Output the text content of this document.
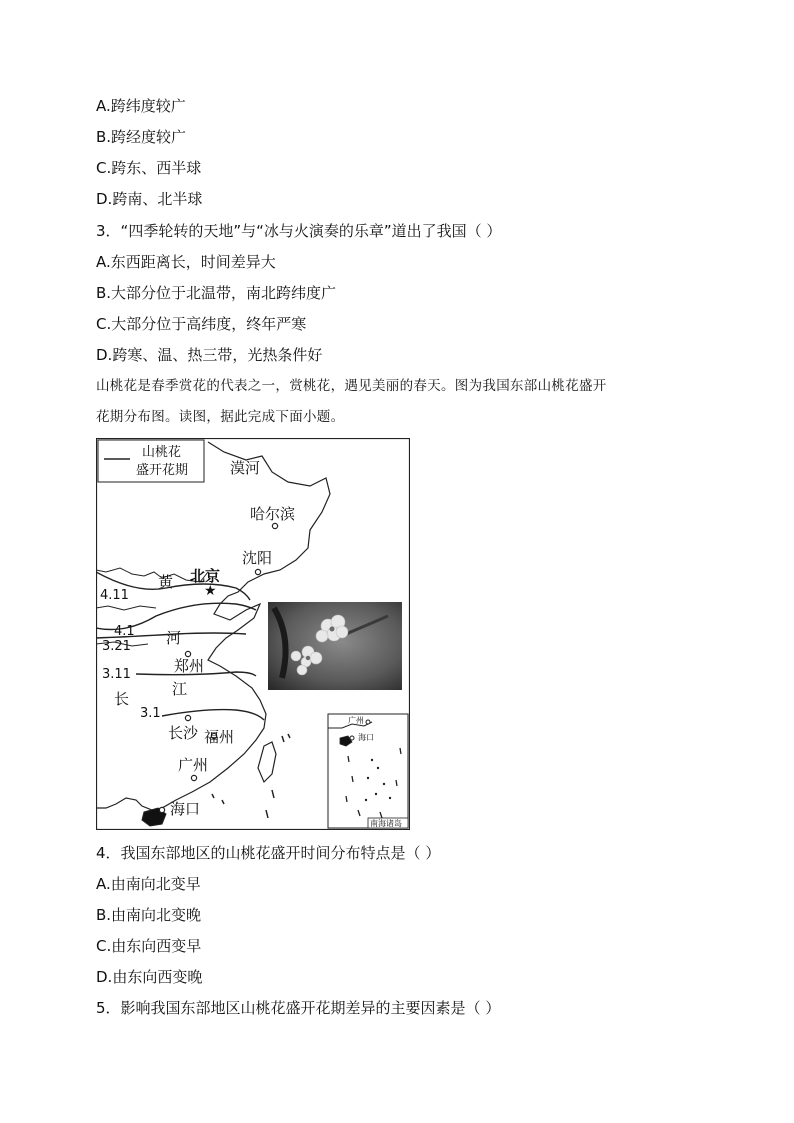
A.跨纬度较广
B.跨经度较广
C.跨东、西半球
D.跨南、北半球
3．“四季轮转的天地”与“冰与火演奏的乐章”道出了我国（ ）
A.东西距离长，时间差异大
B.大部分位于北温带，南北跨纬度广
C.大部分位于高纬度，终年严寒
D.跨寒、温、热三带，光热条件好
山桃花是春季赏花的代表之一，赏桃花，遇见美丽的春天。图为我国东部山桃花盛开
花期分布图。读图，据此完成下面小题。
山桃花
盛开花期
4.11
4.1
3.21
3.11
3.1
黄
河
长
江
★
漠河
哈尔滨
沈阳
北京
郑州
长沙 福州
广州
海口
广州
海口
南海诸岛
4．我国东部地区的山桃花盛开时间分布特点是（ ）
A.由南向北变早
B.由南向北变晚
C.由东向西变早
D.由东向西变晚
5．影响我国东部地区山桃花盛开花期差异的主要因素是（ ）
